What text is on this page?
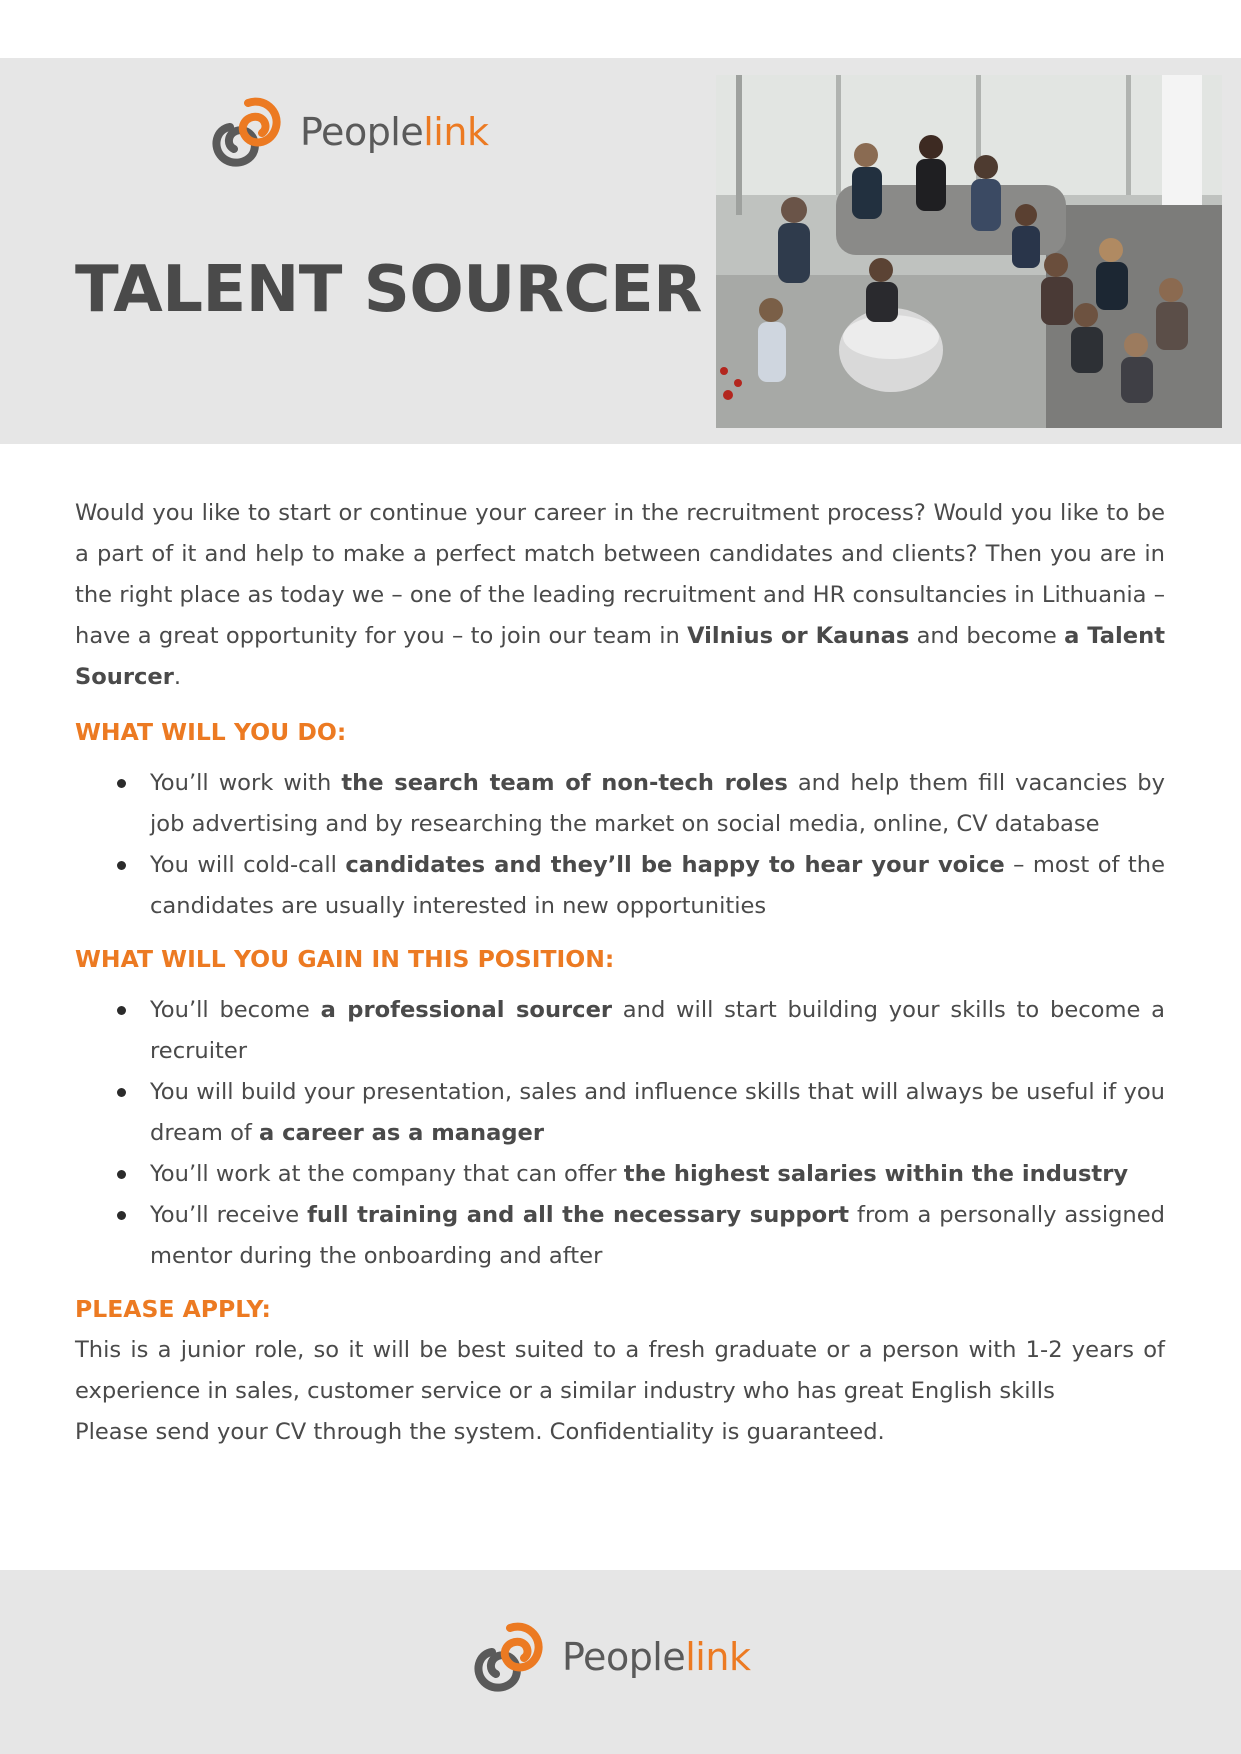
Peoplelink
TALENT SOURCER

Would you like to start or continue your career in the recruitment process? Would you like to be a part of it and help to make a perfect match between candidates and clients? Then you are in the right place as today we – one of the leading recruitment and HR consultancies in Lithuania – have a great opportunity for you – to join our team in Vilnius or Kaunas and become a Talent Sourcer.

WHAT WILL YOU DO:
You’ll work with the search team of non-tech roles and help them fill vacancies by job advertising and by researching the market on social media, online, CV database
You will cold-call candidates and they’ll be happy to hear your voice – most of the candidates are usually interested in new opportunities
WHAT WILL YOU GAIN IN THIS POSITION:
You’ll become a professional sourcer and will start building your skills to become a recruiter
You will build your presentation, sales and influence skills that will always be useful if you dream of a career as a manager
You’ll work at the company that can offer the highest salaries within the industry
You’ll receive full training and all the necessary support from a personally assigned mentor during the onboarding and after
PLEASE APPLY:

This is a junior role, so it will be best suited to a fresh graduate or a person with 1-2 years of experience in sales, customer service or a similar industry who has great English skills

Please send your CV through the system. Confidentiality is guaranteed.

Peoplelink
